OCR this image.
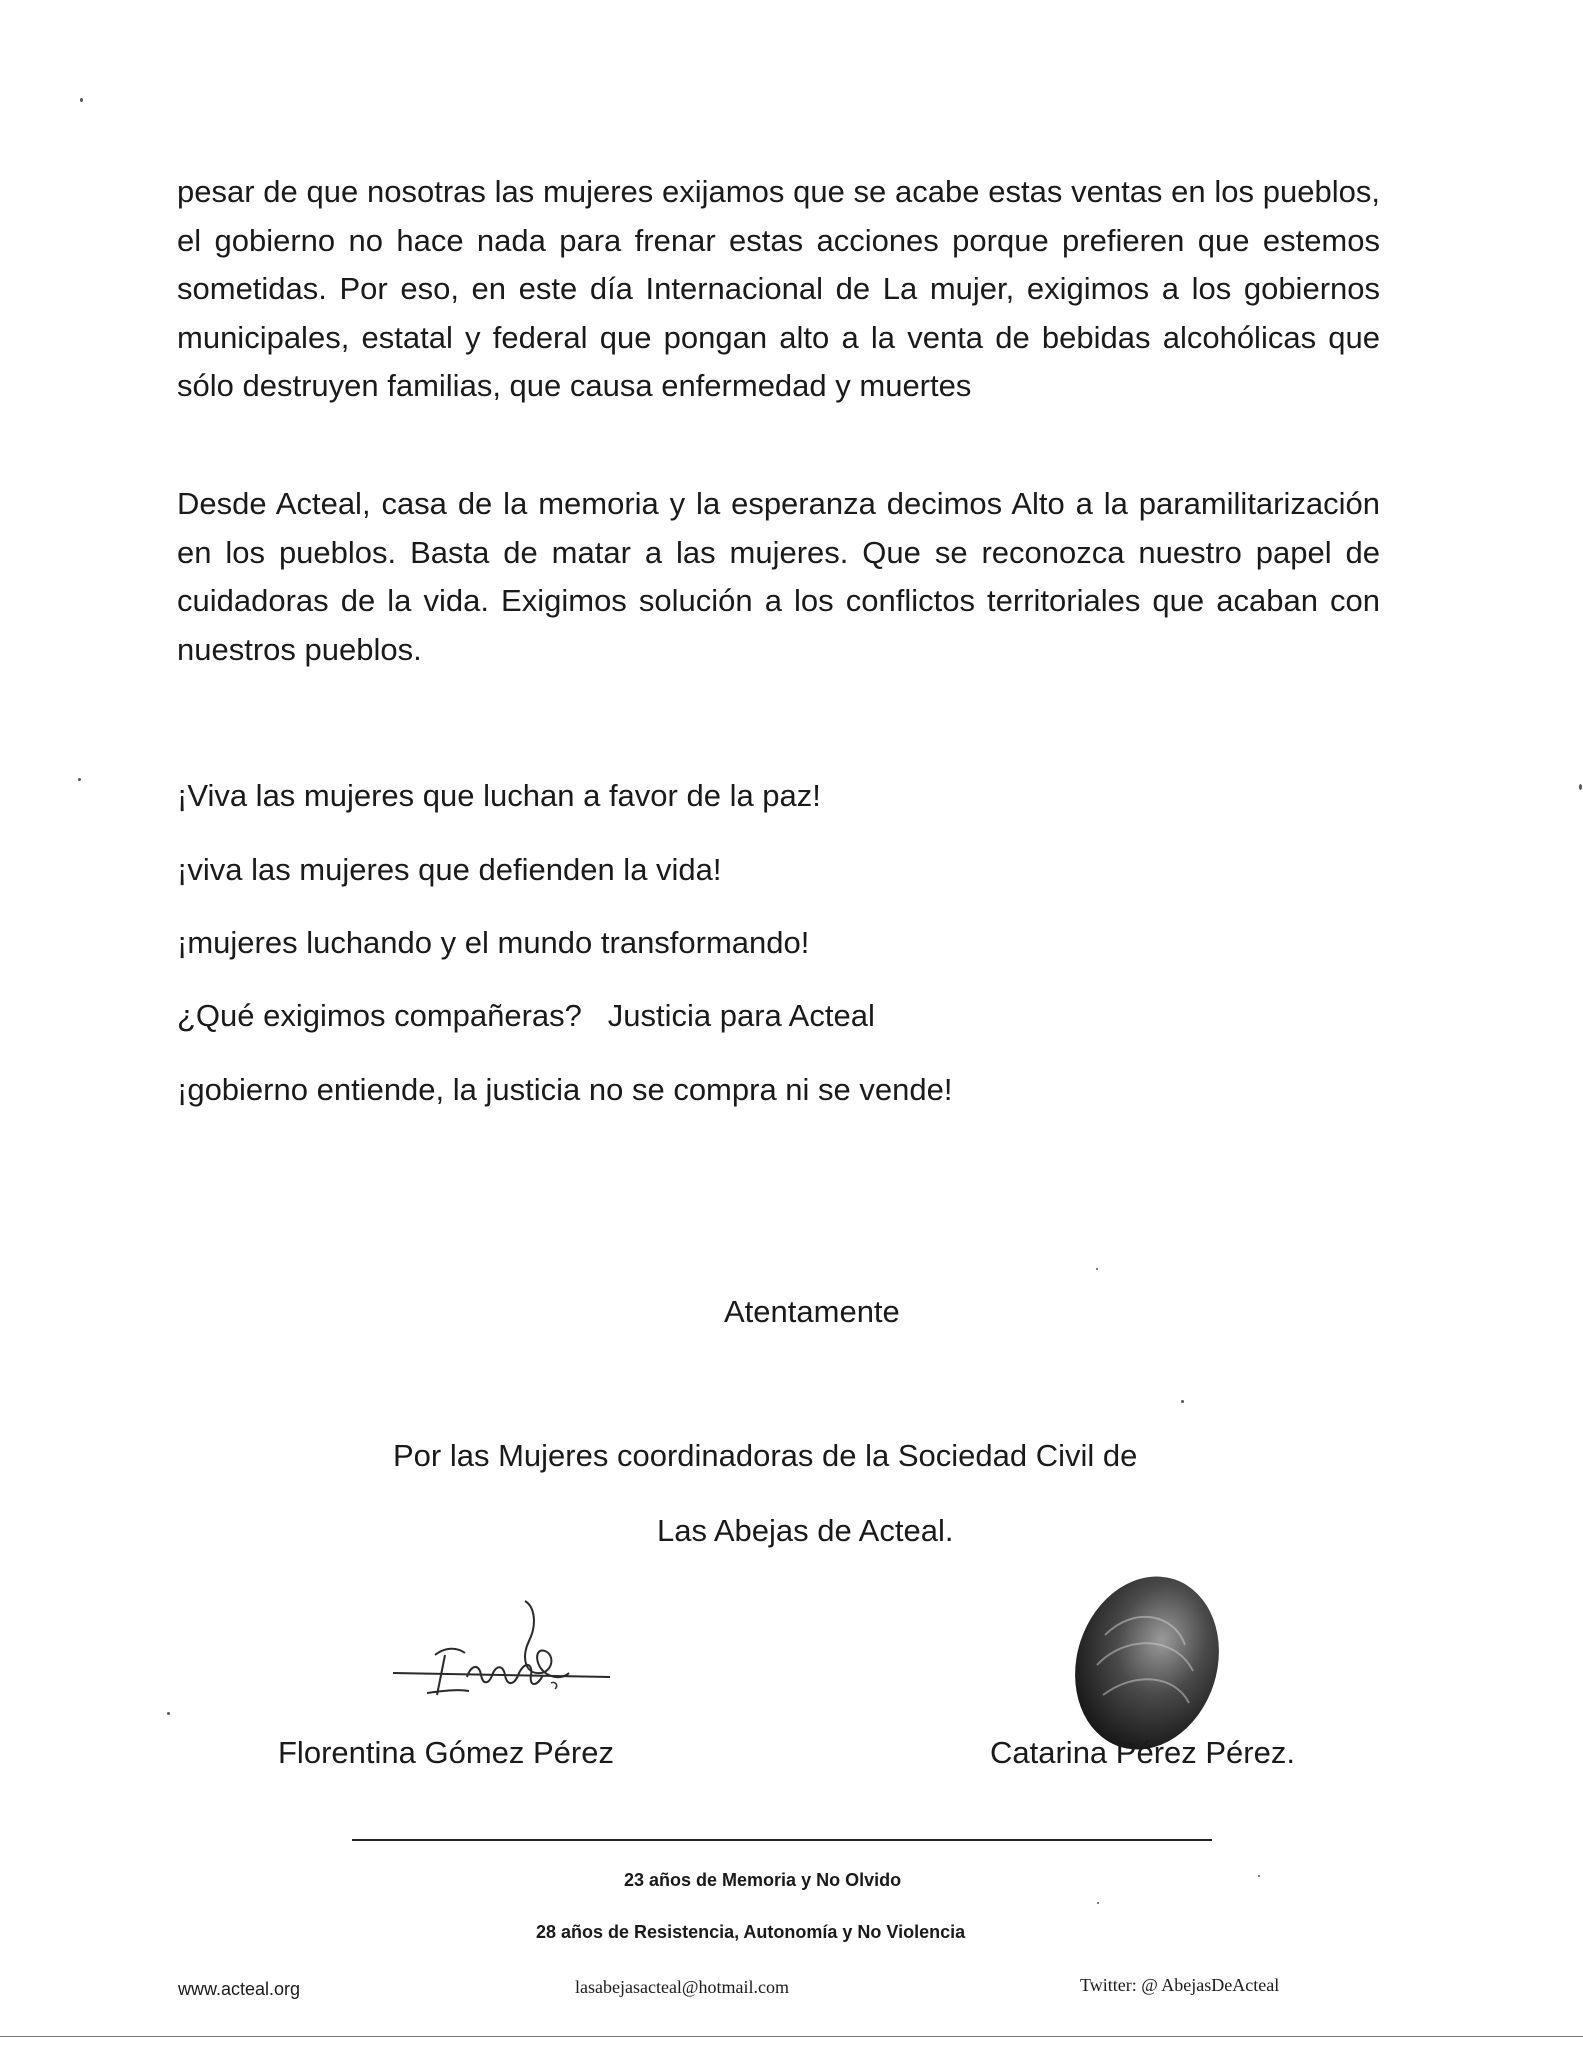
pesar de que nosotras las mujeres exijamos que se acabe estas ventas en los pueblos, el gobierno no hace nada para frenar estas acciones porque prefieren que estemos sometidas. Por eso, en este día Internacional de La mujer, exigimos a los gobiernos municipales, estatal y federal que pongan alto a la venta de bebidas alcohólicas que sólo destruyen familias, que causa enfermedad y muertes

Desde Acteal, casa de la memoria y la esperanza decimos Alto a la paramilitarización en los pueblos. Basta de matar a las mujeres. Que se reconozca nuestro papel de cuidadoras de la vida. Exigimos solución a los conflictos territoriales que acaban con nuestros pueblos.

¡Viva las mujeres que luchan a favor de la paz!

¡viva las mujeres que defienden la vida!

¡mujeres luchando y el mundo transformando!

¿Qué exigimos compañeras?   Justicia para Acteal

¡gobierno entiende, la justicia no se compra ni se vende!

Atentamente

Por las Mujeres coordinadoras de la Sociedad Civil de

Las Abejas de Acteal.

Florentina Gómez Pérez	Catarina Pérez Pérez.
23 años de Memoria y No Olvido
28 años de Resistencia, Autonomía y No Violencia
www.acteal.org	lasabejasacteal@hotmail.com	Twitter: @ AbejasDeActeal
